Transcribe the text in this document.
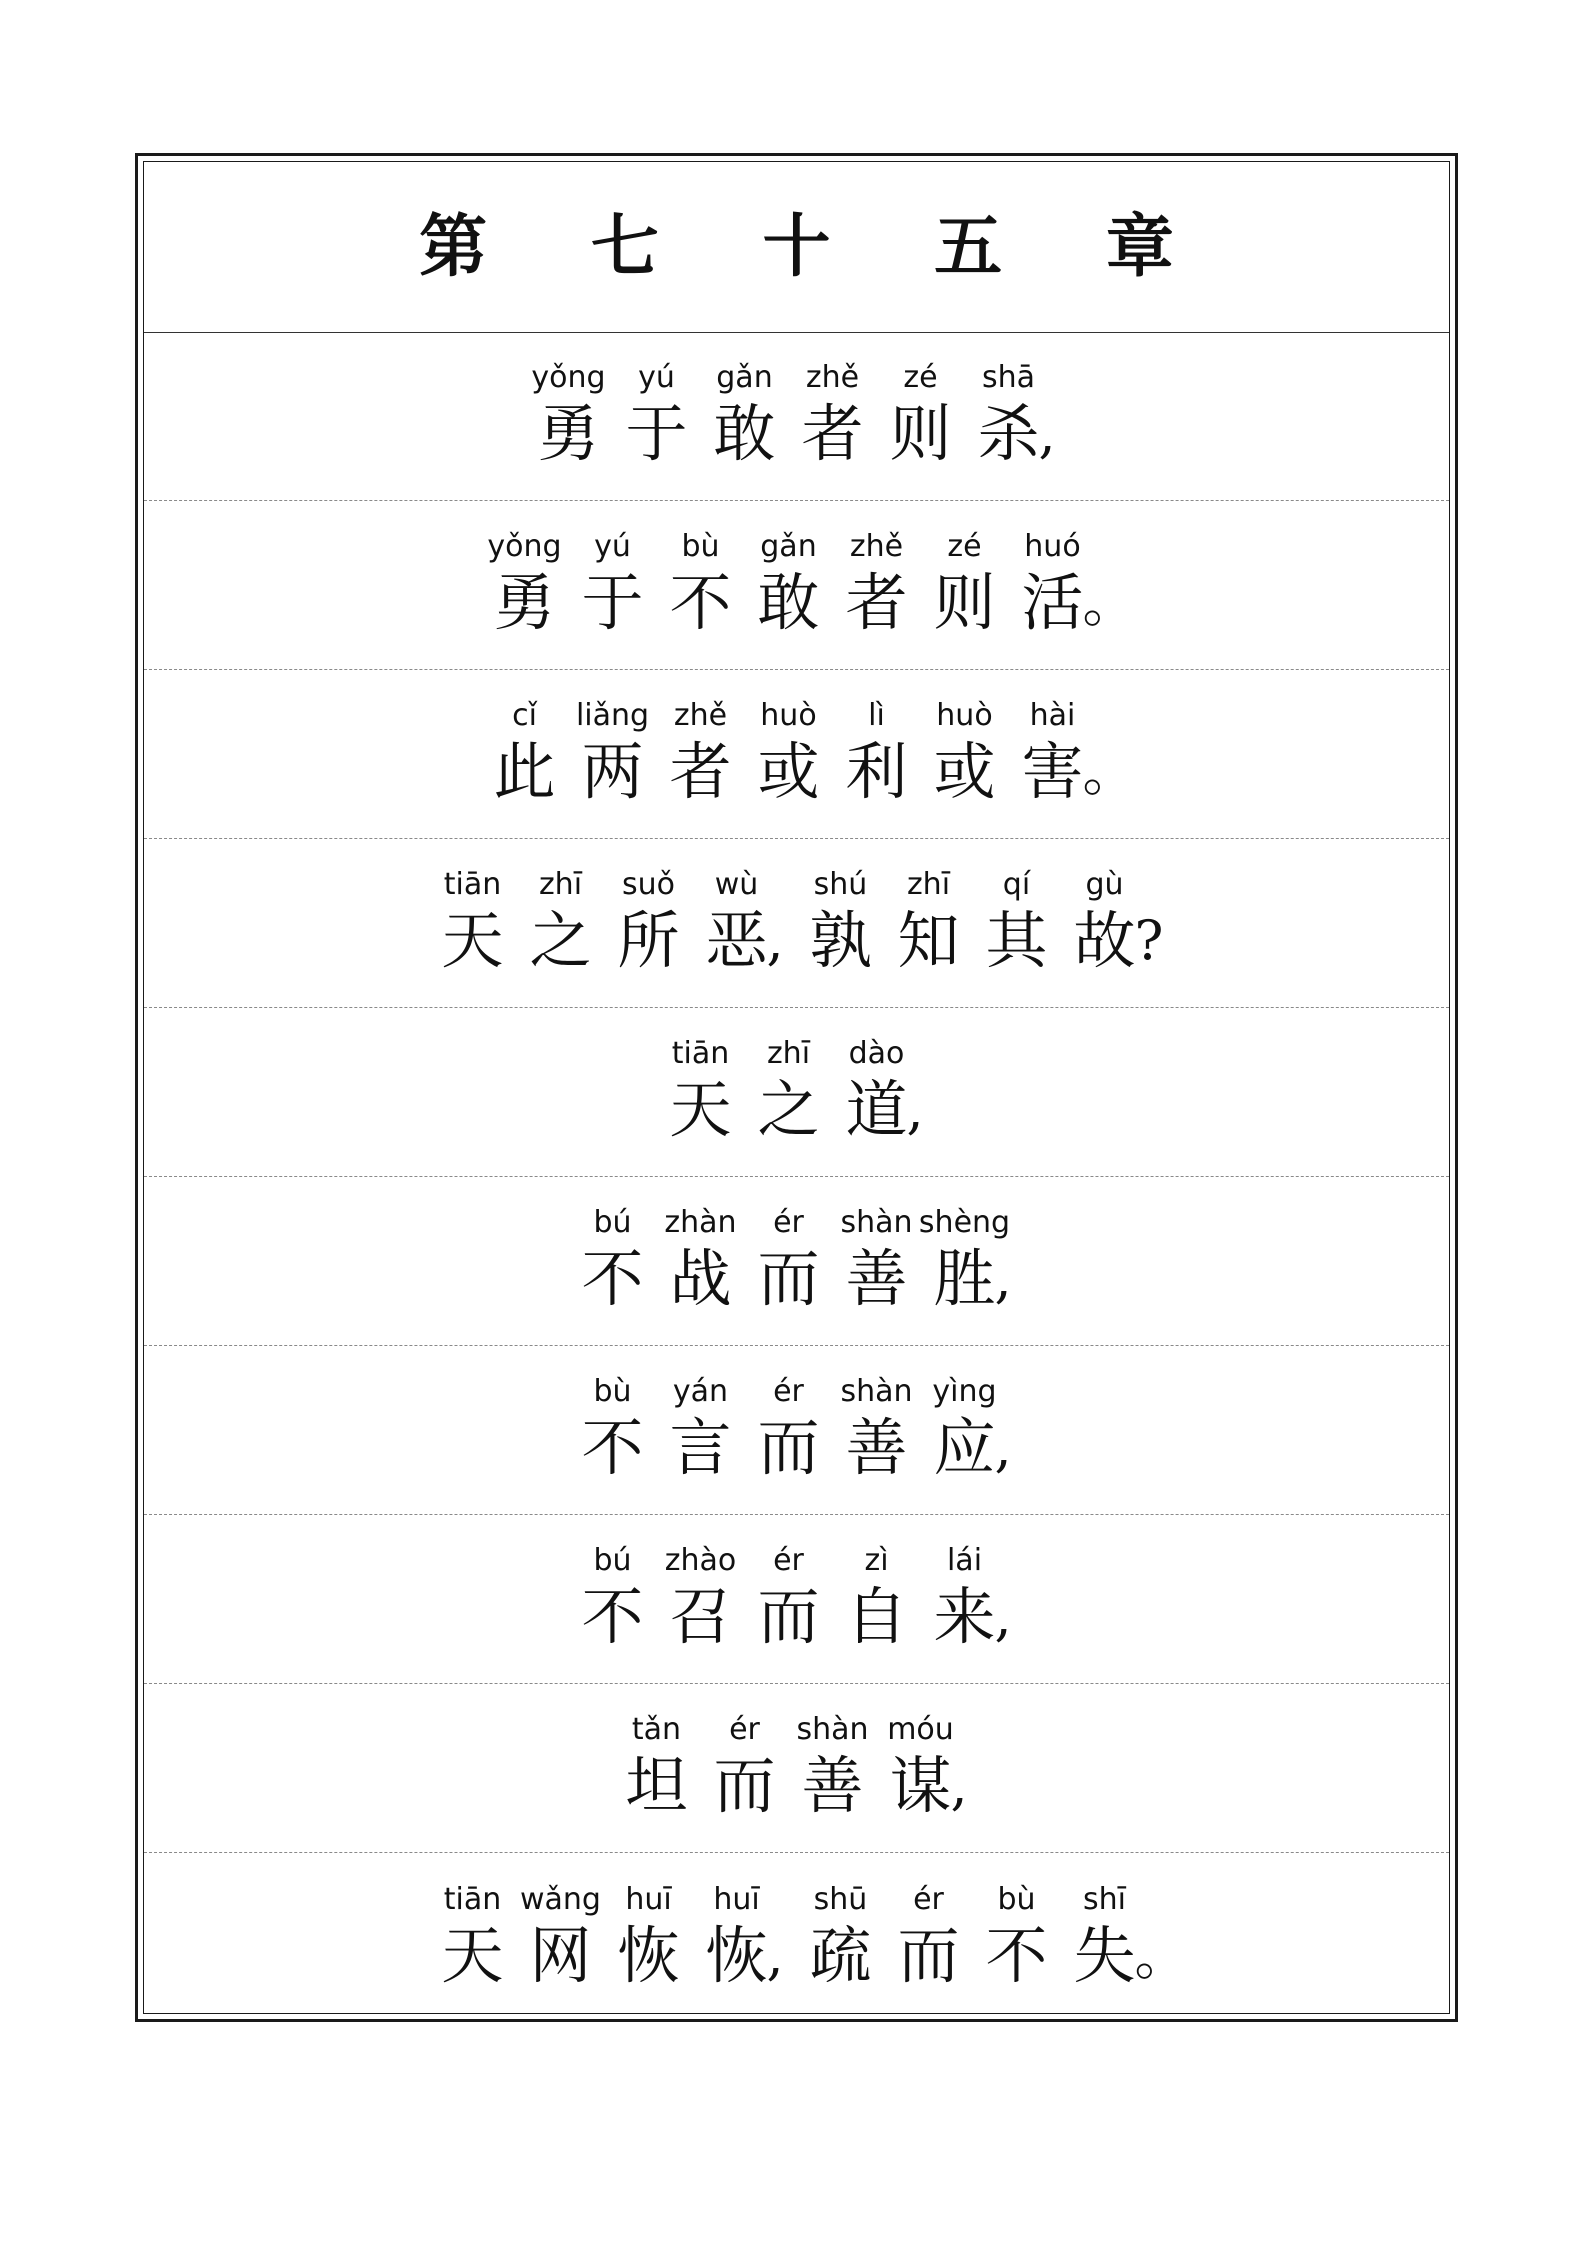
第 七 十 五 章
yǒng
勇
yú
于
gǎn
敢
zhě
者
zé
则
shā
杀 ,
yǒng
勇
yú
于
bù
不
gǎn
敢
zhě
者
zé
则
huó
活 。
cǐ
此
liǎng
两
zhě
者
huò
或
lì
利
huò
或
hài
害 。
tiān
天
zhī
之
suǒ
所
wù
恶 ,
shú
孰
zhī
知
qí
其
gù
故 ?
tiān
天
zhī
之
dào
道 ,
bú
不
zhàn
战
ér
而
shàn
善
shèng
胜 ,
bù
不
yán
言
ér
而
shàn
善
yìng
应 ,
bú
不
zhào
召
ér
而
zì
自
lái
来 ,
tǎn
坦
ér
而
shàn
善
móu
谋 ,
tiān
天
wǎng
网
huī
恢
huī
恢 ,
shū
疏
ér
而
bù
不
shī
失 。
